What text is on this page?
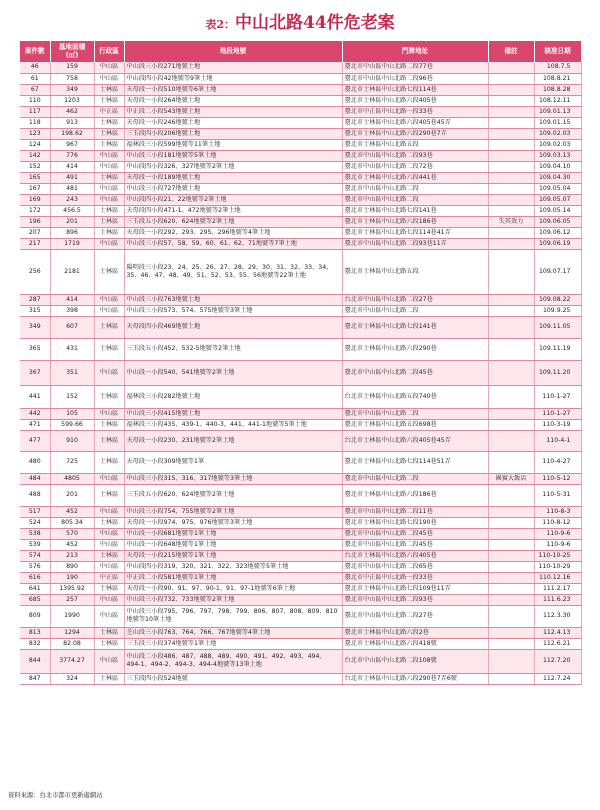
表2：中山北路44件危老案
案件數	基地面積 (㎡)	行政區	地段地號	門牌地址	備註	核准日期
46	159	中山區	中山段三小段271地號土地	臺北市中山區中山北路二段77巷		108.7.5
61	758	中山區	中山段四小段42地號等9筆土地	臺北市中山區中山北路二段96巷		108.8.21
67	349	士林區	天母段一小段510地號等6筆土地	臺北市士林區中山北路七段114巷		108.8.28
110	1203	士林區	天母段一小段264地號土地	臺北市士林區中山北路六段405巷		108.12.11
117	462	中正區	中正段二小段543地號土地	臺北市中正區中山北路一段33巷		109.01.13
118	913	士林區	天母段一小段246地號土地	臺北市士林區中山北路六段405巷45弄		109.01.15
123	198.62	士林區	三玉段四小段206地號土地	臺北市士林區中山北路六段290巷7弄		109.02.03
124	967	士林區	福林段三小段599地號等11筆土地	臺北市士林區中山北路五段		109.02.03
142	776	中山區	中山段三小段181地號等5筆土地	臺北市中山區中山北路二段93巷		109.03.13
152	414	中山區	中山段四小段326、327地號等2筆土地	臺北市中山區中山北路二段72巷		109.04.10
165	491	士林區	天母段一小段189地號土地	臺北市士林區中山北路六段441巷		109.04.30
167	481	中山區	中山段三小段727地號土地	臺北市中山區中山北路二段		109.05.04
169	243	中山區	中山段四小段21、22地號等2筆土地	臺北市中山區中山北路二段		109.05.07
172	456.5	士林區	天母段四小段471-1、472地號等2筆土地	臺北市士林區中山北路七段141巷		109.05.14
196	201	士林區	三玉段五小段620、624地號等2筆土地	臺北市士林區中山北路六段186巷	失其效力	109.06.05
207	896	士林區	天母段一小段292、293、295、296地號等4筆土地	臺北市士林區中山北路七段114巷41弄		109.06.12
217	1719	中山區	中山段三小段57、58、59、60、61、62、71地號等7筆土地	臺北市中山區中山北路二段93巷11弄		109.06.19
256	2181	士林區	陽明段三小段23、24、25、26、27、28、29、30、31、32、33、34、35、46、47、48、49、51、52、53、55、56地號等22筆土地	臺北市士林區中山北路五段		109.07.17
287	414	中山區	中山段三小段763地號土地	台北市中山區中山北路二段27巷		109.08.22
315	398	中山區	中山段三小段573、574、575地號等3筆土地	臺北市中山區中山北路二段		109.9.25
349	607	士林區	天母段四小段469地號土地	臺北市士林區中山北路七段141巷		109.11.05
365	431	士林區	三玉段五小段452、532-5地號等2筆土地	臺北市士林區中山北路六段290巷		109.11.19
367	351	中山區	中山段一小段540、541地號等2筆土地	臺北市中山區中山北路二段45巷		109.11.20
441	152	士林區	福林段三小段282地號土地	台北市士林區中山北路五段740巷		110-1-27
442	105	中山區	中山段三小段415地號土地	臺北市中山區中山北路二段		110-1-27
471	599.66	士林區	福林段三小段435、439-1、440-3、441、441-1地號等5筆土地	臺北市士林區中山北路五段698巷		110-3-19
477	910	士林區	天母段一小段230、231地號等2筆土地	台北市士林區中山北路六段405巷45弄		110-4-1
480	725	士林區	天母段一小段309地號等1筆	臺北市士林區中山北路七段114巷51弄		110-4-27
484	4805	中山區	中山段三小段315、316、317地號等3筆土地	臺北市中山區中山北路二段	國賓大飯店	110-5-12
488	201	士林區	三玉段五小段620、624地號等2筆土地	臺北市士林區中山北路六段186巷		110-5-31
517	452	中山區	中山段三小段754、755地號等2筆土地	臺北市中山區中山北路二段11巷		110-8-3
524	805.34	士林區	天母段一小段974、975、976地號等3筆土地	臺北市士林區中山北路七段190巷		110-8-12
538	570	中山區	中山段一小段681地號等1筆土地	臺北市中山區中山北路二段45巷		110-9-6
539	452	中山區	中山段一小段648地號等1筆土地	臺北市中山區中山北路二段45巷		110-9-6
574	213	士林區	天母段一小段215地號等1筆土地	台北市士林區中山北路六段405巷		110-10-25
576	890	中山區	中山段四小段319、320、321、322、323地號等5筆土地	臺北市中山區中山北路二段65巷		110-10-29
616	190	中正區	中正段二小段581地號等1筆土地	臺北市中正區中山北路一段33巷		110.12.16
641	1395.92	士林區	天母段一小段90、91、97、90-1、91、97-1地號等6筆土地	臺北市士林區中山北路七段109巷11弄		111.2.17
685	257	中山區	中山段三小段732、733地號等2筆土地	臺北市中山區中山北路二段93巷		111.6.23
809	1990	中山區	中山段三小段795、796、797、798、799、806、807、808、809、810地號等10筆土地	臺北市中山區中山北路二段27巷		112.3.30
813	1294	士林區	芝山段三小段763、764、766、767地號等4筆土地	臺北市士林區中山北路六段2巷		112.4.13
832	82.08	士林區	三玉段三小段374地號等1筆土地	臺北市士林區中山北路六段418號		112.6.21
844	3774.27	中山區	中山段二小段486、487、488、489、490、491、492、493、494、494-1、494-2、494-3、494-4地號等13筆土地	台北市中山區中山北路二段108號		112.7.20
847	324	士林區	三玉段四小段524地號	台北市士林區中山北路六段290巷7弄6號		112.7.24
資料來源：台北市都市更新處網站
